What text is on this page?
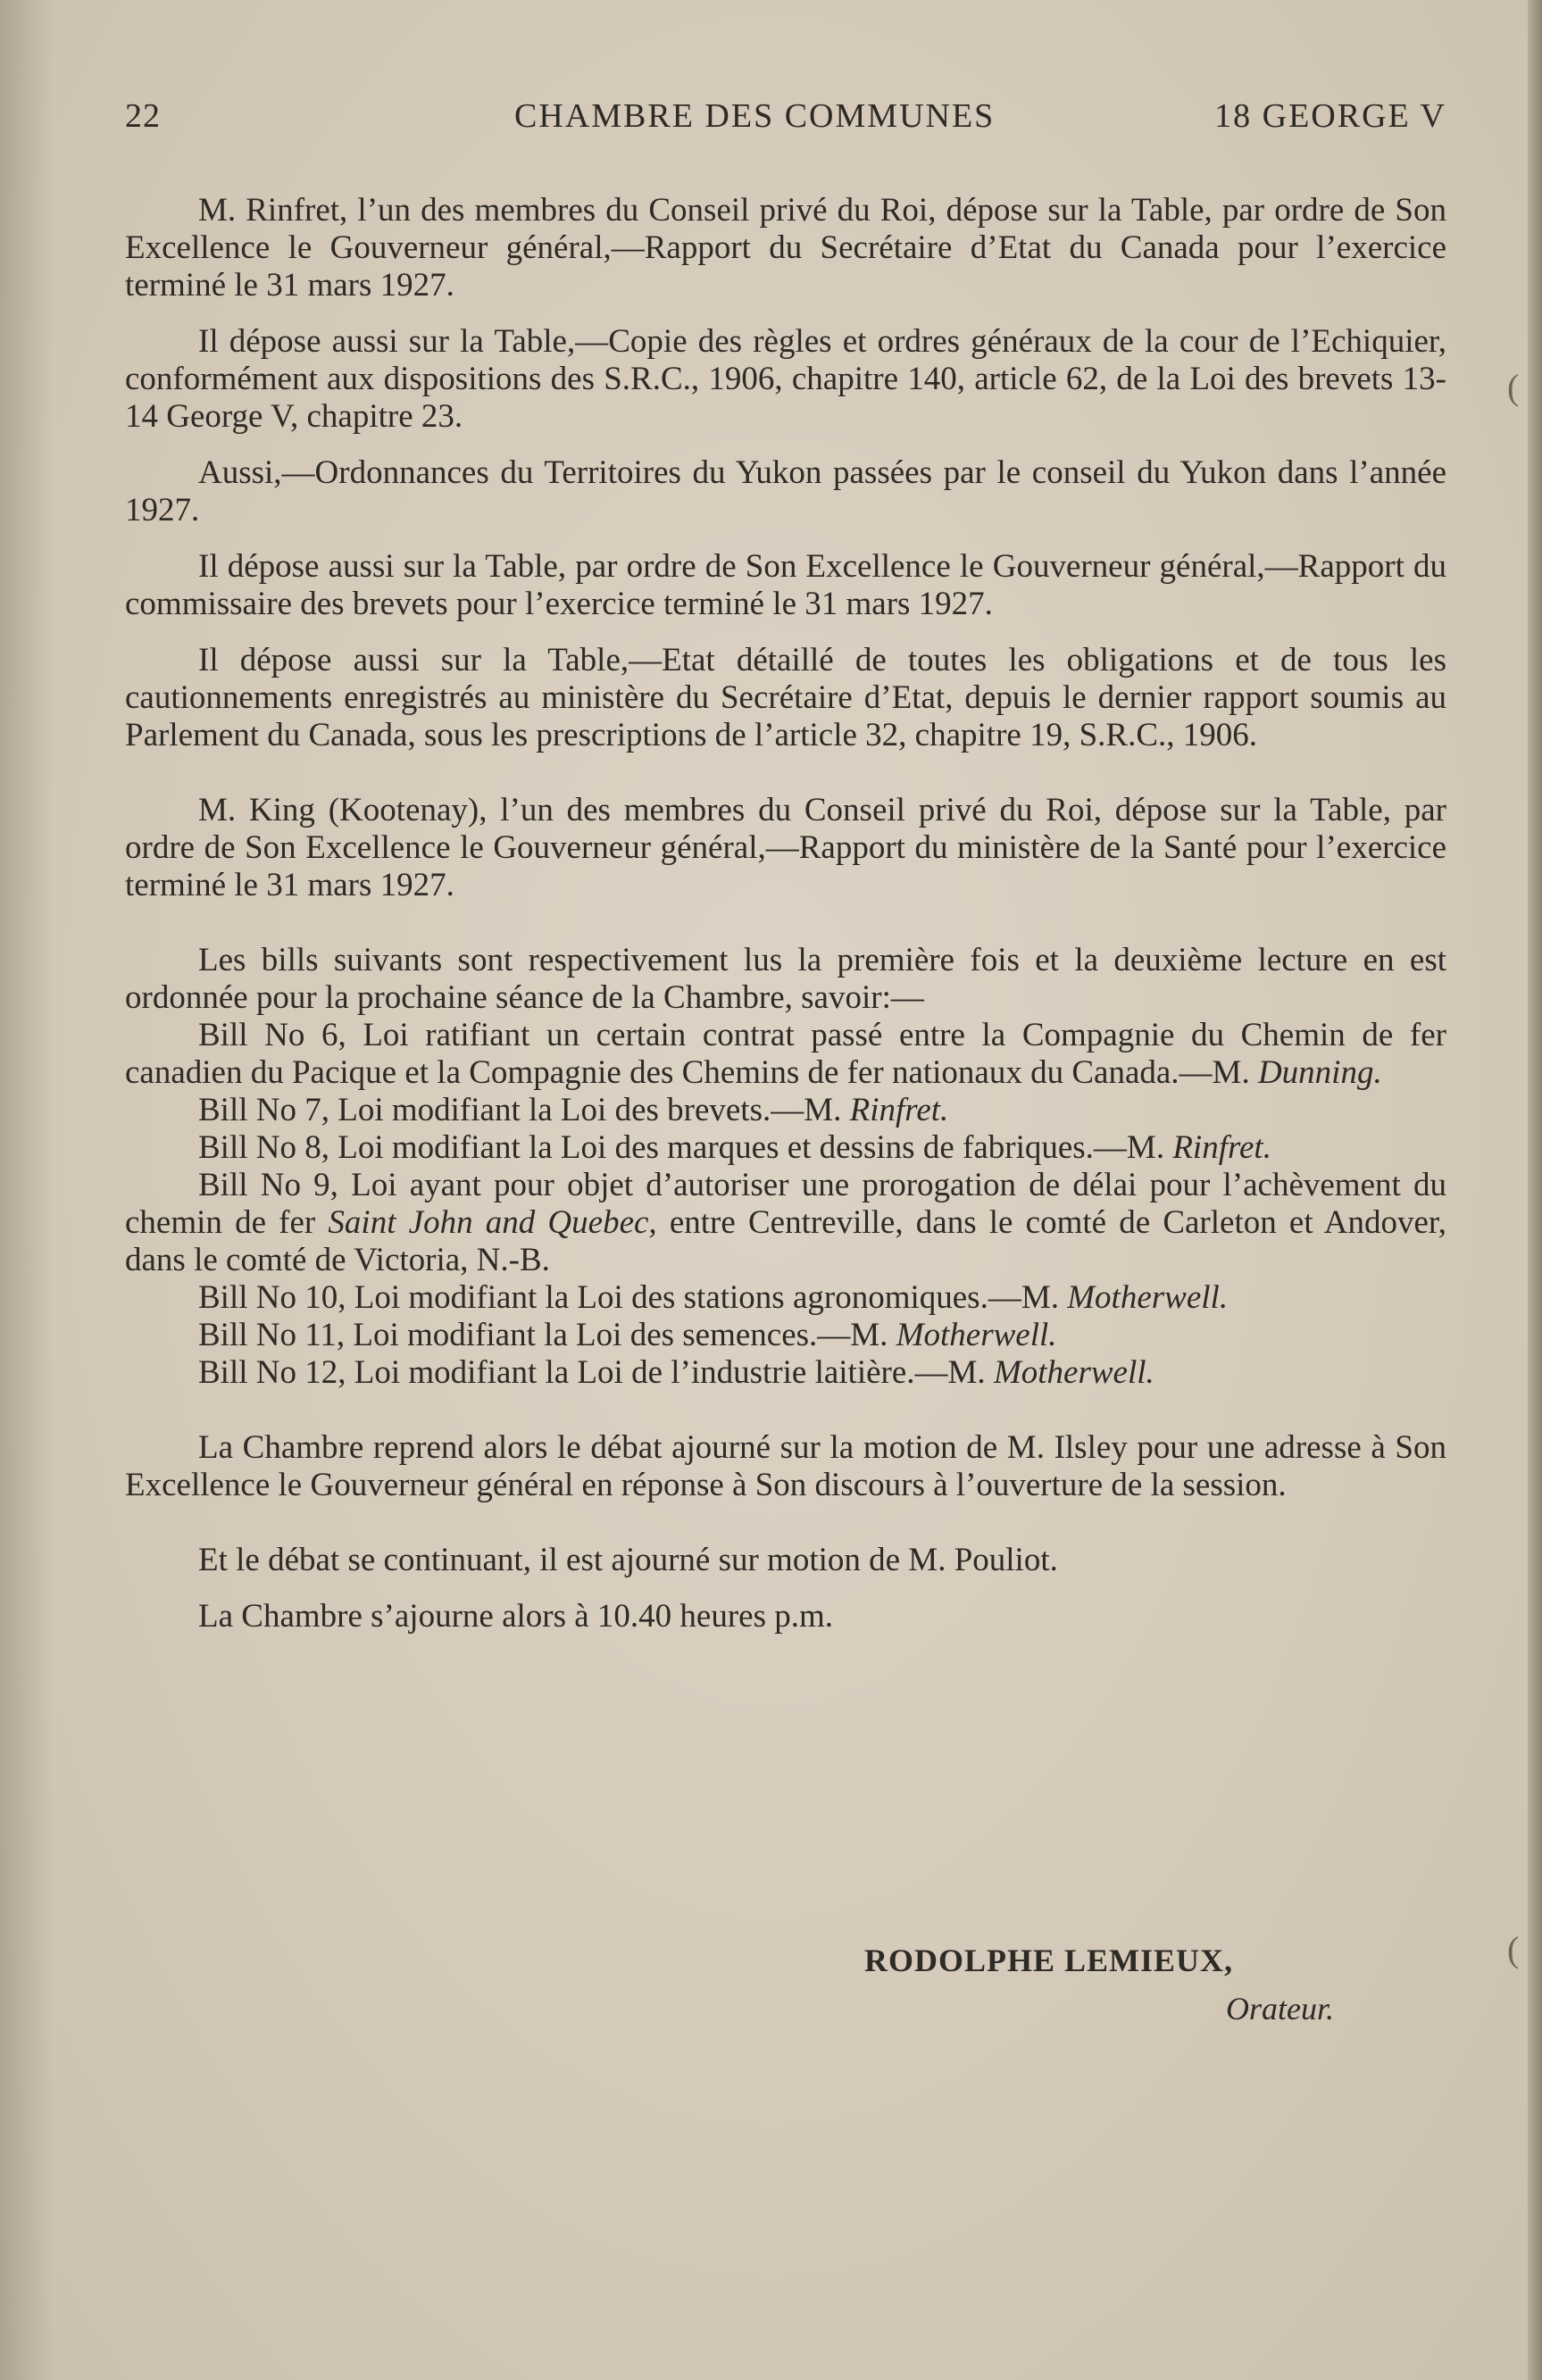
22	CHAMBRE DES COMMUNES	18 GEORGE V

M. Rinfret, l’un des membres du Conseil privé du Roi, dépose sur la Table, par ordre de Son Excellence le Gouverneur général,—Rapport du Secrétaire d’Etat du Canada pour l’exercice terminé le 31 mars 1927.

Il dépose aussi sur la Table,—Copie des règles et ordres généraux de la cour de l’Echiquier, conformément aux dispositions des S.R.C., 1906, chapitre 140, article 62, de la Loi des brevets 13-14 George V, chapitre 23.

Aussi,—Ordonnances du Territoires du Yukon passées par le conseil du Yukon dans l’année 1927.

Il dépose aussi sur la Table, par ordre de Son Excellence le Gouverneur général,—Rapport du commissaire des brevets pour l’exercice terminé le 31 mars 1927.

Il dépose aussi sur la Table,—Etat détaillé de toutes les obligations et de tous les cautionnements enregistrés au ministère du Secrétaire d’Etat, depuis le dernier rapport soumis au Parlement du Canada, sous les prescriptions de l’article 32, chapitre 19, S.R.C., 1906.

M. King (Kootenay), l’un des membres du Conseil privé du Roi, dépose sur la Table, par ordre de Son Excellence le Gouverneur général,—Rapport du ministère de la Santé pour l’exercice terminé le 31 mars 1927.

Les bills suivants sont respectivement lus la première fois et la deuxième lecture en est ordonnée pour la prochaine séance de la Chambre, savoir:—

Bill No 6, Loi ratifiant un certain contrat passé entre la Compagnie du Chemin de fer canadien du Pacique et la Compagnie des Chemins de fer nationaux du Canada.—M. Dunning.

Bill No 7, Loi modifiant la Loi des brevets.—M. Rinfret.

Bill No 8, Loi modifiant la Loi des marques et dessins de fabriques.—M. Rinfret.

Bill No 9, Loi ayant pour objet d’autoriser une prorogation de délai pour l’achèvement du chemin de fer Saint John and Quebec, entre Centreville, dans le comté de Carleton et Andover, dans le comté de Victoria, N.-B.

Bill No 10, Loi modifiant la Loi des stations agronomiques.—M. Motherwell.

Bill No 11, Loi modifiant la Loi des semences.—M. Motherwell.

Bill No 12, Loi modifiant la Loi de l’industrie laitière.—M. Motherwell.

La Chambre reprend alors le débat ajourné sur la motion de M. Ilsley pour une adresse à Son Excellence le Gouverneur général en réponse à Son discours à l’ouverture de la session.

Et le débat se continuant, il est ajourné sur motion de M. Pouliot.

La Chambre s’ajourne alors à 10.40 heures p.m.

RODOLPHE LEMIEUX,
Orateur.
(
(
